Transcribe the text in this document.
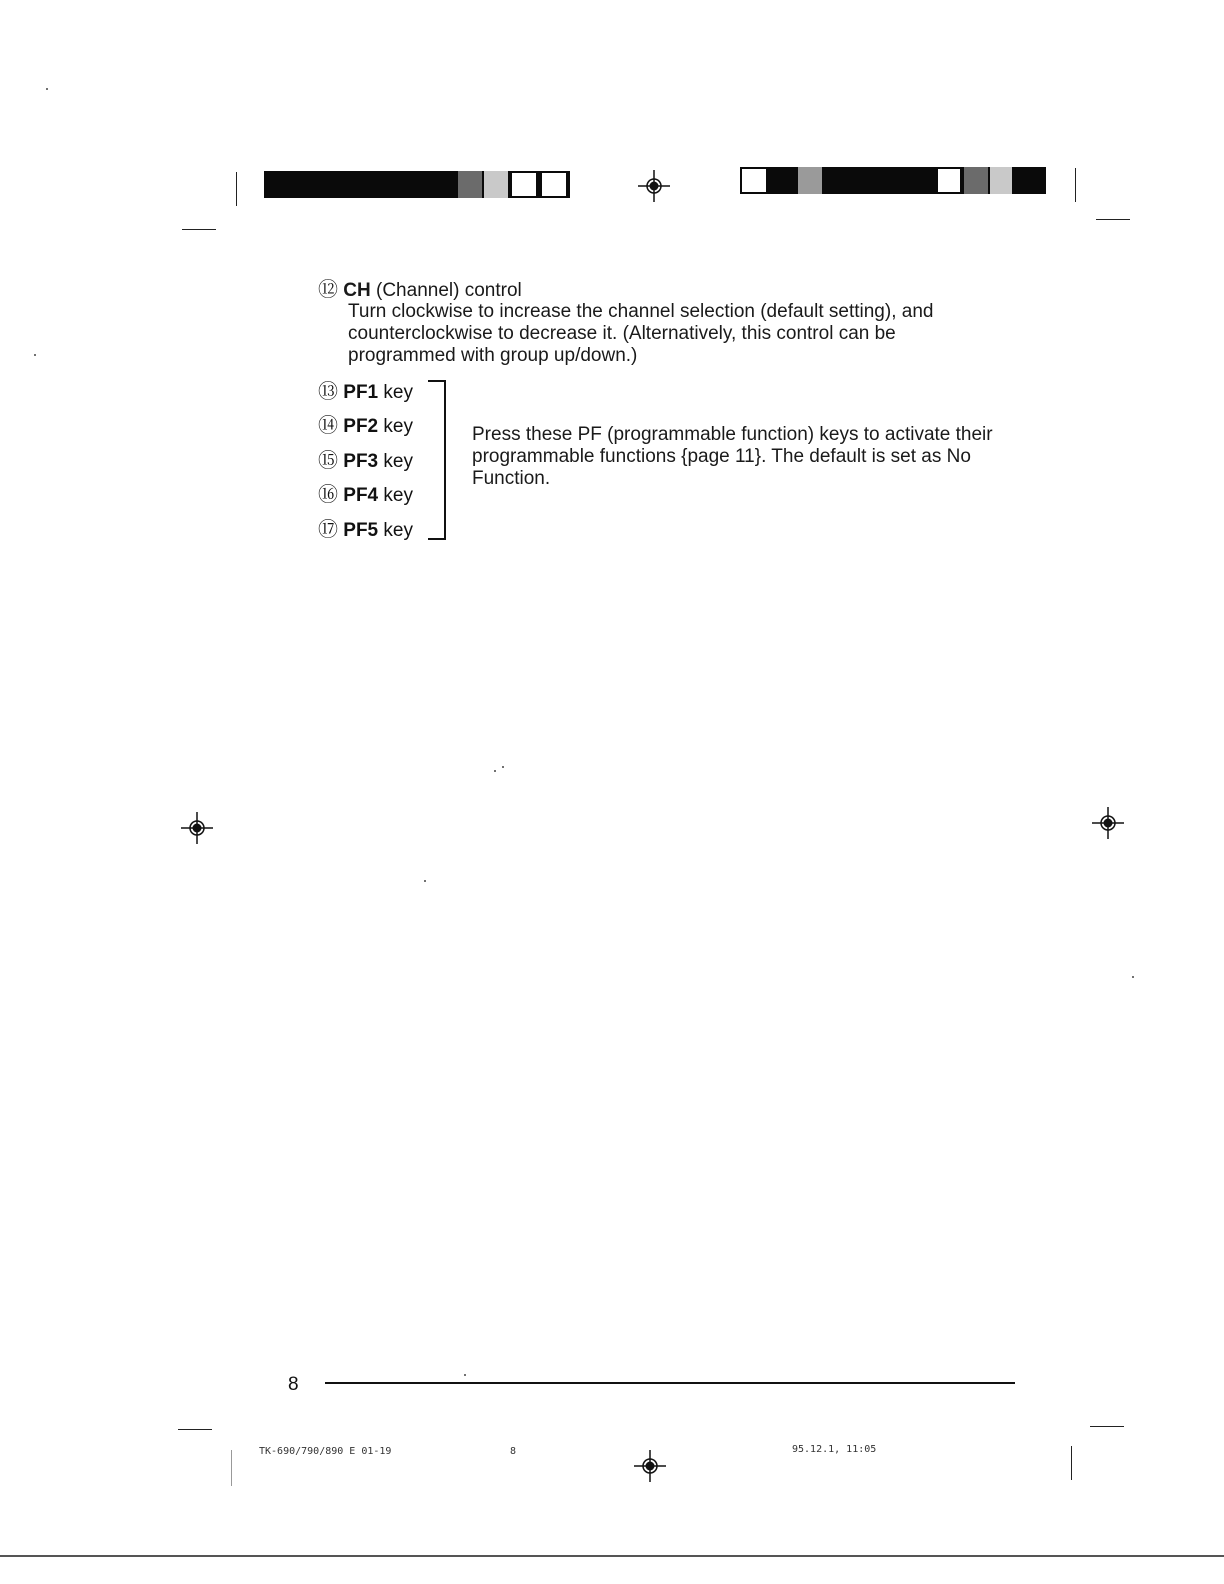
⑫ CH (Channel) control
Turn clockwise to increase the channel selection (default setting), and counterclockwise to decrease it. (Alternatively, this control can be programmed with group up/down.)
⑬ PF1 key
⑭ PF2 key
⑮ PF3 key
⑯ PF4 key
⑰ PF5 key
Press these PF (programmable function) keys to activate their programmable functions {page 11}. The default is set as No Function.
8
TK-690/790/890 E 01-19	8	95.12.1, 11:05
